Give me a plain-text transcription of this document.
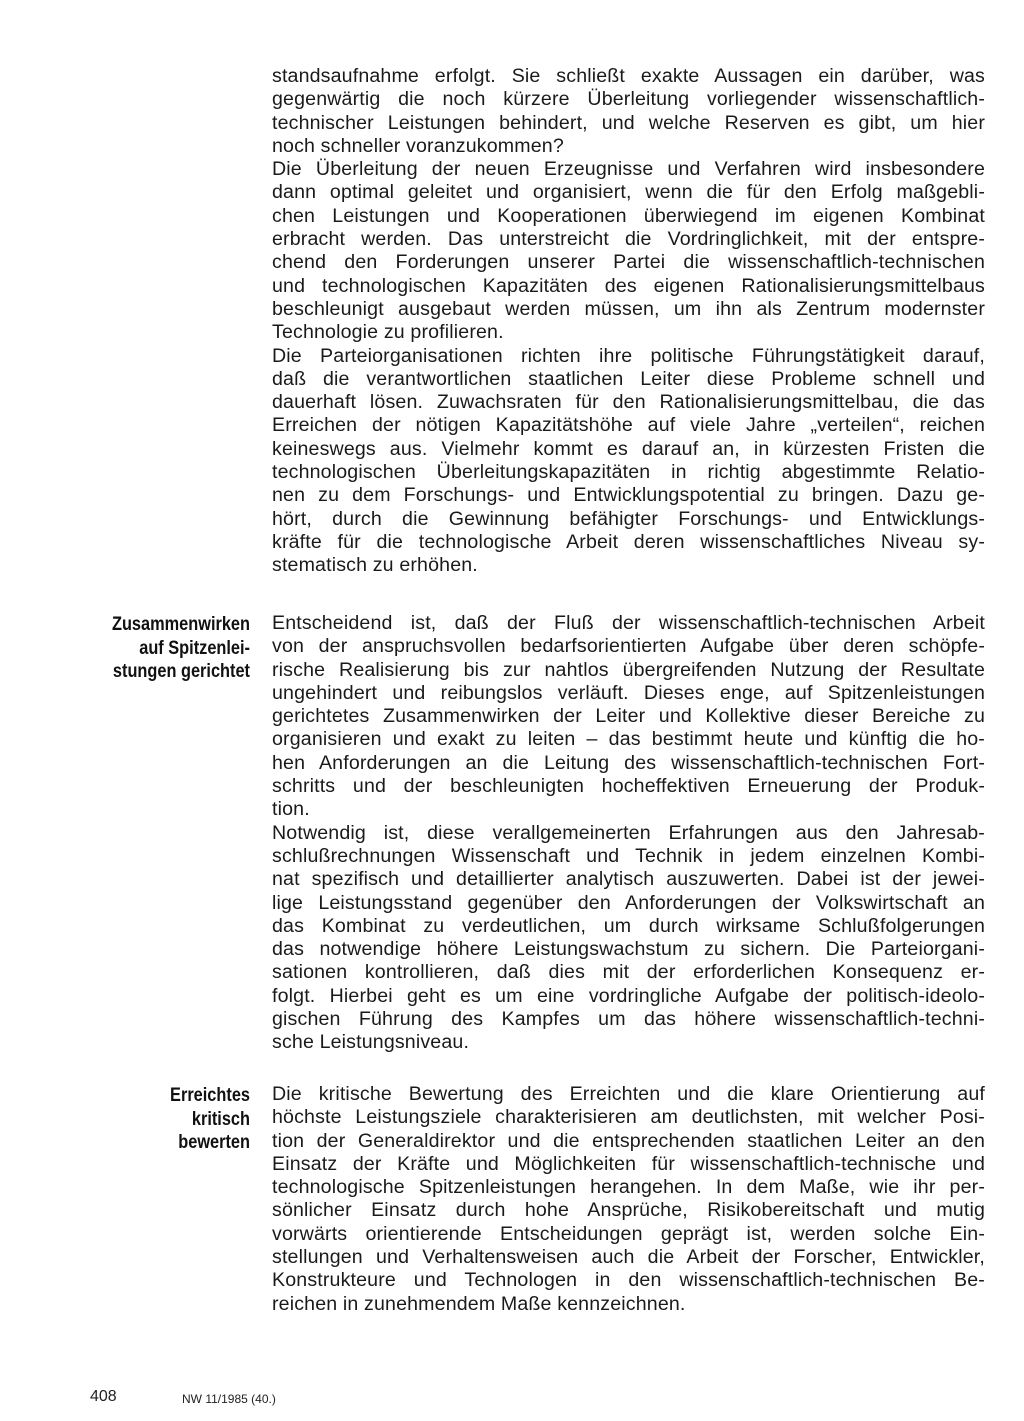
standsaufnahme erfolgt. Sie schließt exakte Aussagen ein darüber, was
gegenwärtig die noch kürzere Überleitung vorliegender wissenschaftlich-
technischer Leistungen behindert, und welche Reserven es gibt, um hier
noch schneller voranzukommen?
Die Überleitung der neuen Erzeugnisse und Verfahren wird insbesondere
dann optimal geleitet und organisiert, wenn die für den Erfolg maßgebli-
chen Leistungen und Kooperationen überwiegend im eigenen Kombinat
erbracht werden. Das unterstreicht die Vordringlichkeit, mit der entspre-
chend den Forderungen unserer Partei die wissenschaftlich-technischen
und technologischen Kapazitäten des eigenen Rationalisierungsmittelbaus
beschleunigt ausgebaut werden müssen, um ihn als Zentrum modernster
Technologie zu profilieren.
Die Parteiorganisationen richten ihre politische Führungstätigkeit darauf,
daß die verantwortlichen staatlichen Leiter diese Probleme schnell und
dauerhaft lösen. Zuwachsraten für den Rationalisierungsmittelbau, die das
Erreichen der nötigen Kapazitätshöhe auf viele Jahre „verteilen“, reichen
keineswegs aus. Vielmehr kommt es darauf an, in kürzesten Fristen die
technologischen Überleitungskapazitäten in richtig abgestimmte Relatio-
nen zu dem Forschungs- und Entwicklungspotential zu bringen. Dazu ge-
hört, durch die Gewinnung befähigter Forschungs- und Entwicklungs-
kräfte für die technologische Arbeit deren wissenschaftliches Niveau sy-
stematisch zu erhöhen.
Zusammenwirken
auf Spitzenlei-
stungen gerichtet
Entscheidend ist, daß der Fluß der wissenschaftlich-technischen Arbeit
von der anspruchsvollen bedarfsorientierten Aufgabe über deren schöpfe-
rische Realisierung bis zur nahtlos übergreifenden Nutzung der Resultate
ungehindert und reibungslos verläuft. Dieses enge, auf Spitzenleistungen
gerichtetes Zusammenwirken der Leiter und Kollektive dieser Bereiche zu
organisieren und exakt zu leiten – das bestimmt heute und künftig die ho-
hen Anforderungen an die Leitung des wissenschaftlich-technischen Fort-
schritts und der beschleunigten hocheffektiven Erneuerung der Produk-
tion.
Notwendig ist, diese verallgemeinerten Erfahrungen aus den Jahresab-
schlußrechnungen Wissenschaft und Technik in jedem einzelnen Kombi-
nat spezifisch und detaillierter analytisch auszuwerten. Dabei ist der jewei-
lige Leistungsstand gegenüber den Anforderungen der Volkswirtschaft an
das Kombinat zu verdeutlichen, um durch wirksame Schlußfolgerungen
das notwendige höhere Leistungswachstum zu sichern. Die Parteiorgani-
sationen kontrollieren, daß dies mit der erforderlichen Konsequenz er-
folgt. Hierbei geht es um eine vordringliche Aufgabe der politisch-ideolo-
gischen Führung des Kampfes um das höhere wissenschaftlich-techni-
sche Leistungsniveau.
Erreichtes
kritisch
bewerten
Die kritische Bewertung des Erreichten und die klare Orientierung auf
höchste Leistungsziele charakterisieren am deutlichsten, mit welcher Posi-
tion der Generaldirektor und die entsprechenden staatlichen Leiter an den
Einsatz der Kräfte und Möglichkeiten für wissenschaftlich-technische und
technologische Spitzenleistungen herangehen. In dem Maße, wie ihr per-
sönlicher Einsatz durch hohe Ansprüche, Risikobereitschaft und mutig
vorwärts orientierende Entscheidungen geprägt ist, werden solche Ein-
stellungen und Verhaltensweisen auch die Arbeit der Forscher, Entwickler,
Konstrukteure und Technologen in den wissenschaftlich-technischen Be-
reichen in zunehmendem Maße kennzeichnen.
408	NW 11/1985 (40.)
